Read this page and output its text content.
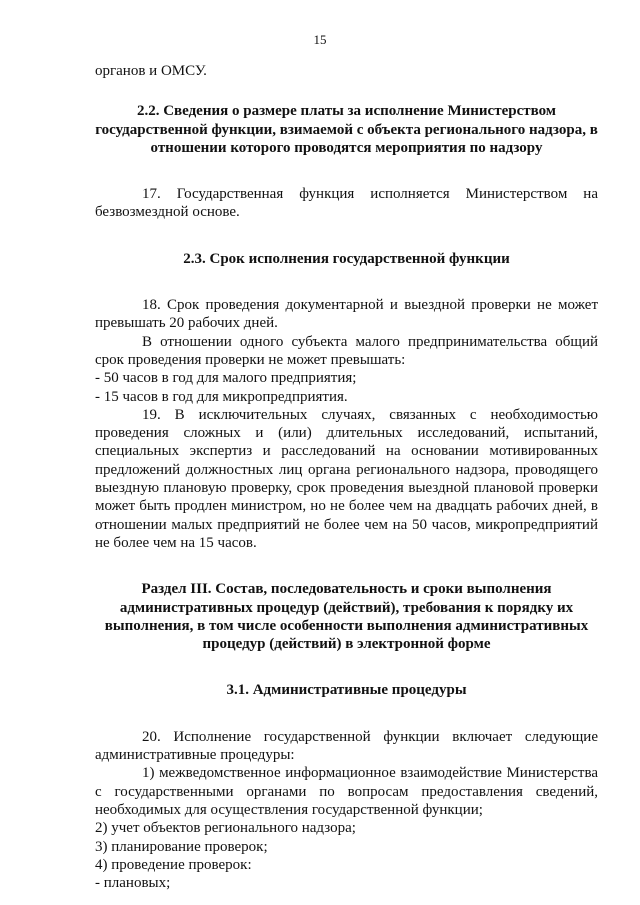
15

органов и ОМСУ.

2.2. Сведения о размере платы за исполнение Министерством государственной функции, взимаемой с объекта регионального надзора, в отношении которого проводятся мероприятия по надзору

17. Государственная функция исполняется Министерством на безвозмездной основе.

2.3. Срок исполнения государственной функции

18. Срок проведения документарной и выездной проверки не может превышать 20 рабочих дней.

В отношении одного субъекта малого предпринимательства общий срок проведения проверки не может превышать:

- 50 часов в год для малого предприятия;

- 15 часов в год для микропредприятия.

19. В исключительных случаях, связанных с необходимостью проведения сложных и (или) длительных исследований, испытаний, специальных экспертиз и расследований на основании мотивированных предложений должностных лиц органа регионального надзора, проводящего выездную плановую проверку, срок проведения выездной плановой проверки может быть продлен министром, но не более чем на двадцать рабочих дней, в отношении малых предприятий не более чем на 50 часов, микропредприятий не более чем на 15 часов.

Раздел III. Состав, последовательность и сроки выполнения административных процедур (действий), требования к порядку их выполнения, в том числе особенности выполнения административных процедур (действий) в электронной форме
3.1. Административные процедуры

20. Исполнение государственной функции включает следующие административные процедуры:

1) межведомственное информационное взаимодействие Министерства с государственными органами по вопросам предоставления сведений, необходимых для осуществления государственной функции;

2) учет объектов регионального надзора;

3) планирование проверок;

4) проведение проверок:

- плановых;
